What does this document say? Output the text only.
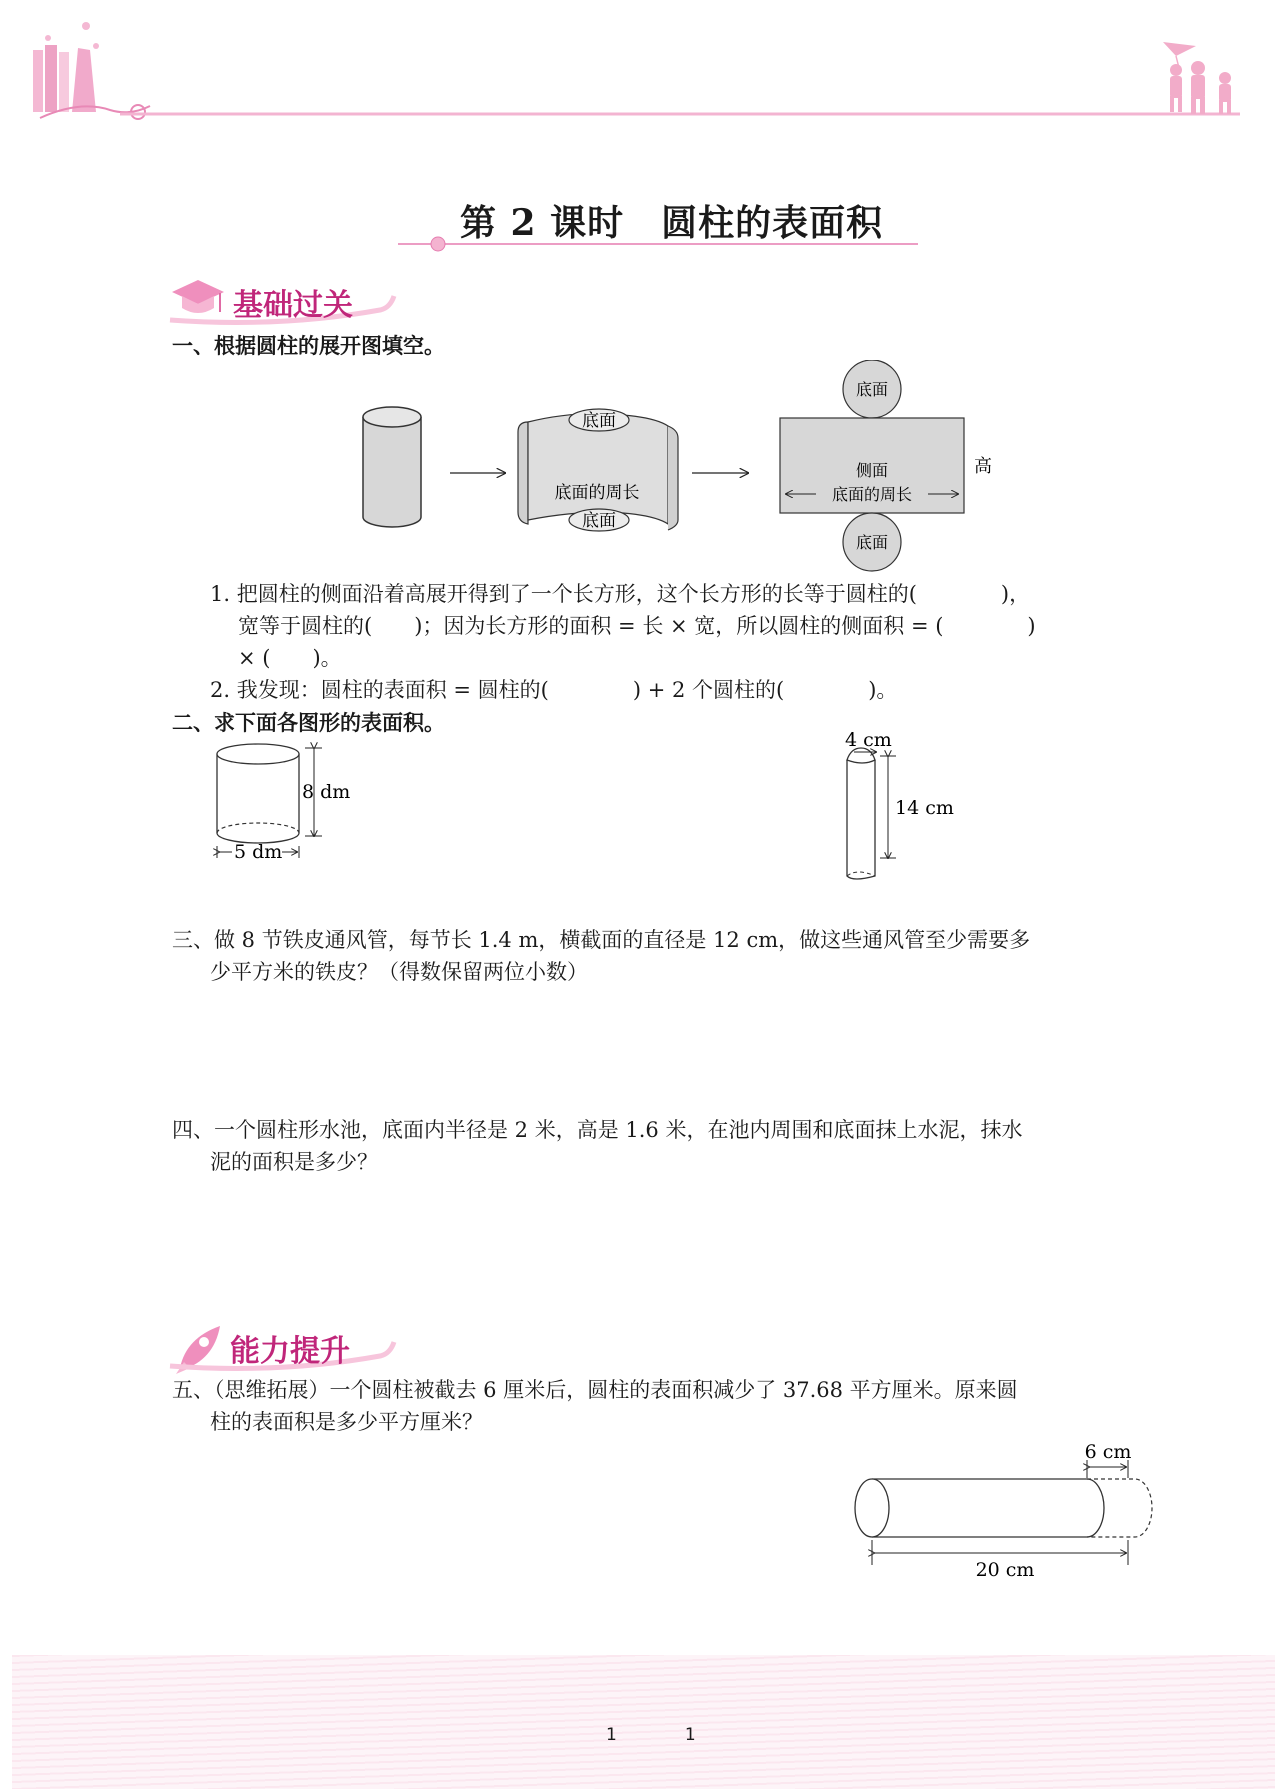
第 2 课时　圆柱的表面积
基础过关
一、根据圆柱的展开图填空。
底面
底面的周长
底面
底面
侧面
底面的周长
底面
高
1. 把圆柱的侧面沿着高展开得到了一个长方形，这个长方形的长等于圆柱的(　　　　)，
宽等于圆柱的(　　)；因为长方形的面积 = 长 × 宽，所以圆柱的侧面积 = (　　　　)
× (　　)。
2. 我发现：圆柱的表面积 = 圆柱的(　　　　) + 2 个圆柱的(　　　　)。
二、求下面各图形的表面积。
8 dm
5 dm
4 cm
14 cm
三、做 8 节铁皮通风管，每节长 1.4 m，横截面的直径是 12 cm，做这些通风管至少需要多
少平方米的铁皮？（得数保留两位小数）
四、一个圆柱形水池，底面内半径是 2 米，高是 1.6 米，在池内周围和底面抹上水泥，抹水
泥的面积是多少？
能力提升
五、（思维拓展）一个圆柱被截去 6 厘米后，圆柱的表面积减少了 37.68 平方厘米。原来圆
柱的表面积是多少平方厘米？
6 cm
20 cm
1　　　　1
